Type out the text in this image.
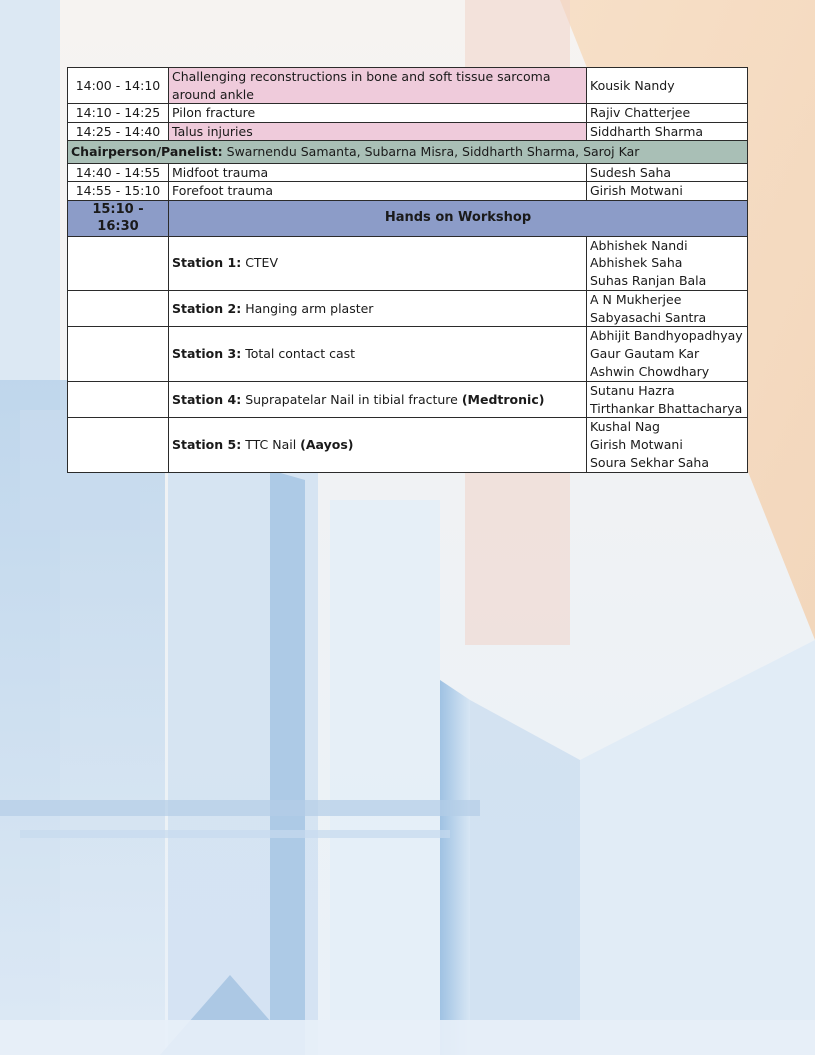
14:00 - 14:10	Challenging reconstructions in bone and soft tissue sarcoma around ankle	Kousik Nandy
14:10 - 14:25	Pilon fracture	Rajiv Chatterjee
14:25 - 14:40	Talus injuries	Siddharth Sharma
Chairperson/Panelist: Swarnendu Samanta, Subarna Misra, Siddharth Sharma, Saroj Kar		
14:40 - 14:55	Midfoot trauma	Sudesh Saha
14:55 - 15:10	Forefoot trauma	Girish Motwani
15:10 - 16:30	Hands on Workshop	
	Station 1: CTEV	Abhishek Nandi
Abhishek Saha
Suhas Ranjan Bala

	Station 2: Hanging arm plaster	A N Mukherjee
Sabyasachi Santra

	Station 3: Total contact cast	Abhijit Bandhyopadhyay
Gaur Gautam Kar
Ashwin Chowdhary

	Station 4: Suprapatelar Nail in tibial fracture (Medtronic)	Sutanu Hazra
Tirthankar Bhattacharya

	Station 5: TTC Nail (Aayos)	Kushal Nag
Girish Motwani
Soura Sekhar Saha
